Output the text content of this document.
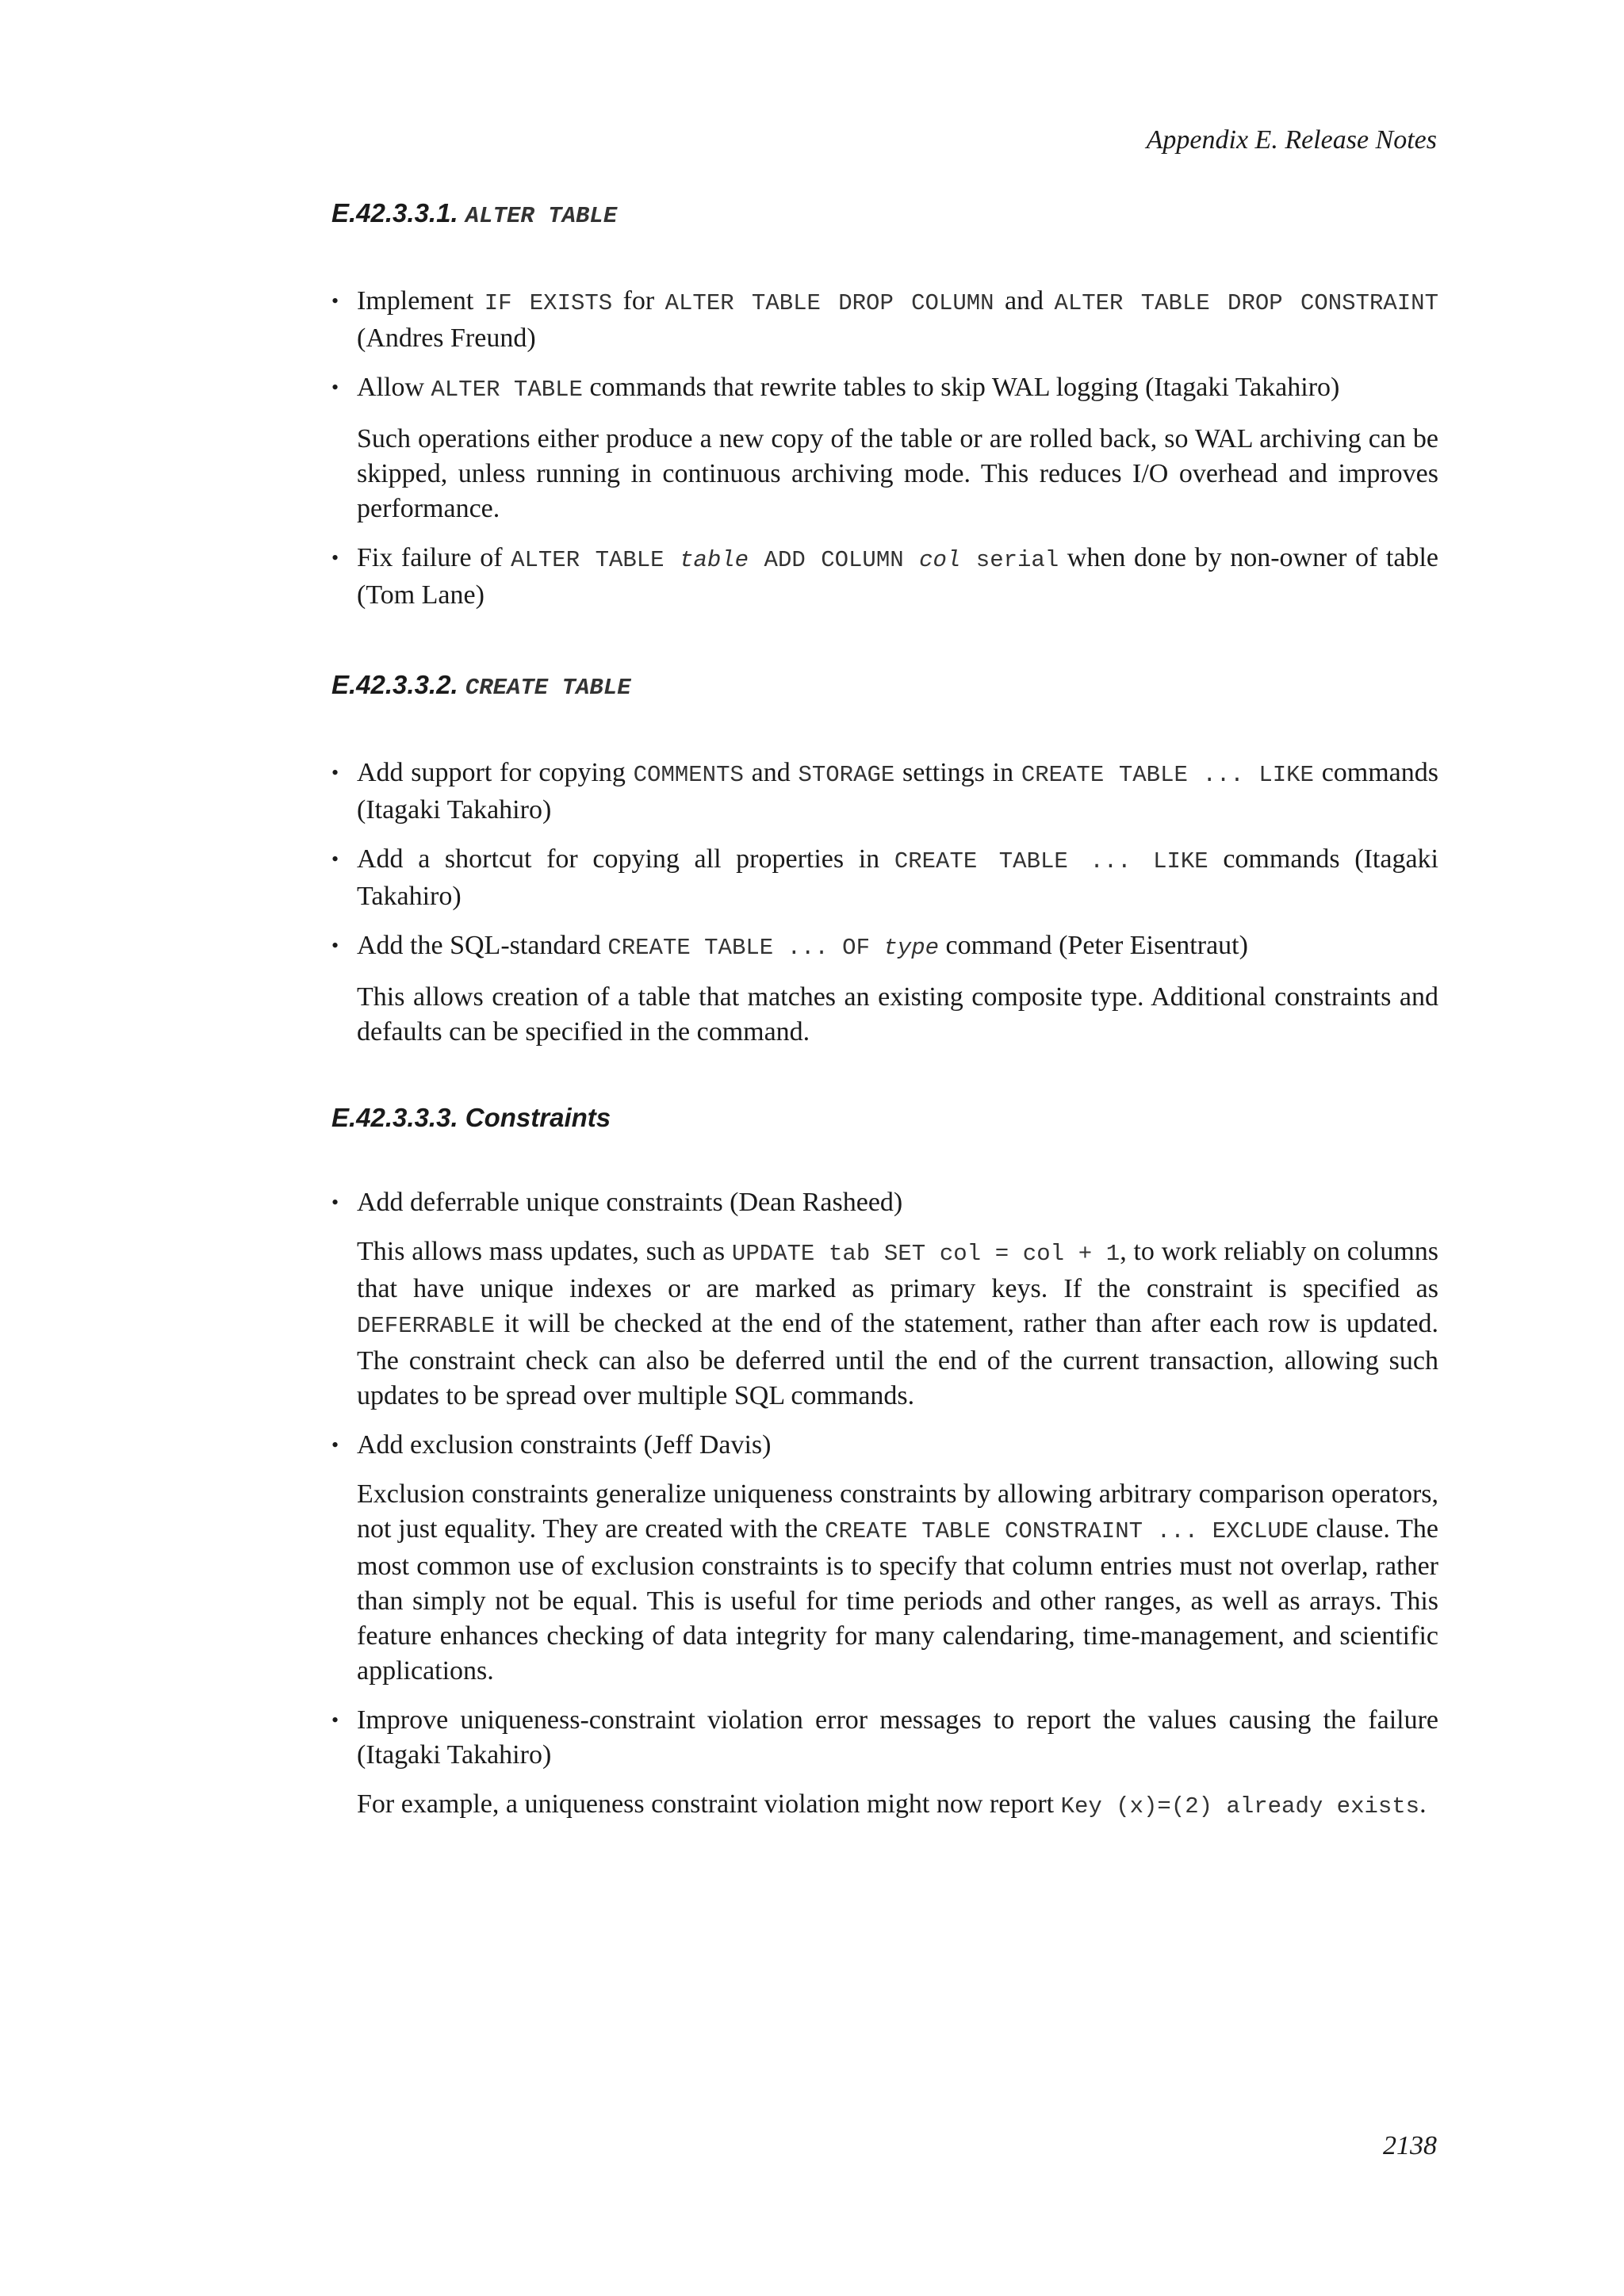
Appendix E. Release Notes
E.42.3.3.1. ALTER TABLE
• Implement IF EXISTS for ALTER TABLE DROP COLUMN and ALTER TABLE DROP CONSTRAINT (Andres Freund)

• Allow ALTER TABLE commands that rewrite tables to skip WAL logging (Itagaki Takahiro)

Such operations either produce a new copy of the table or are rolled back, so WAL archiving can be skipped, unless running in continuous archiving mode. This reduces I/O overhead and improves performance.

• Fix failure of ALTER TABLE table ADD COLUMN col serial when done by non-owner of table (Tom Lane)

E.42.3.3.2. CREATE TABLE
• Add support for copying COMMENTS and STORAGE settings in CREATE TABLE ... LIKE commands (Itagaki Takahiro)

• Add a shortcut for copying all properties in CREATE TABLE ... LIKE commands (Itagaki Takahiro)

• Add the SQL-standard CREATE TABLE ... OF type command (Peter Eisentraut)

This allows creation of a table that matches an existing composite type. Additional constraints and defaults can be specified in the command.

E.42.3.3.3. Constraints
• Add deferrable unique constraints (Dean Rasheed)

This allows mass updates, such as UPDATE tab SET col = col + 1, to work reliably on columns that have unique indexes or are marked as primary keys. If the constraint is specified as DEFERRABLE it will be checked at the end of the statement, rather than after each row is updated. The constraint check can also be deferred until the end of the current transaction, allowing such updates to be spread over multiple SQL commands.

• Add exclusion constraints (Jeff Davis)

Exclusion constraints generalize uniqueness constraints by allowing arbitrary comparison operators, not just equality. They are created with the CREATE TABLE CONSTRAINT ... EXCLUDE clause. The most common use of exclusion constraints is to specify that column entries must not overlap, rather than simply not be equal. This is useful for time periods and other ranges, as well as arrays. This feature enhances checking of data integrity for many calendaring, time-management, and scientific applications.

• Improve uniqueness-constraint violation error messages to report the values causing the failure (Itagaki Takahiro)

For example, a uniqueness constraint violation might now report Key (x)=(2) already exists.

2138
